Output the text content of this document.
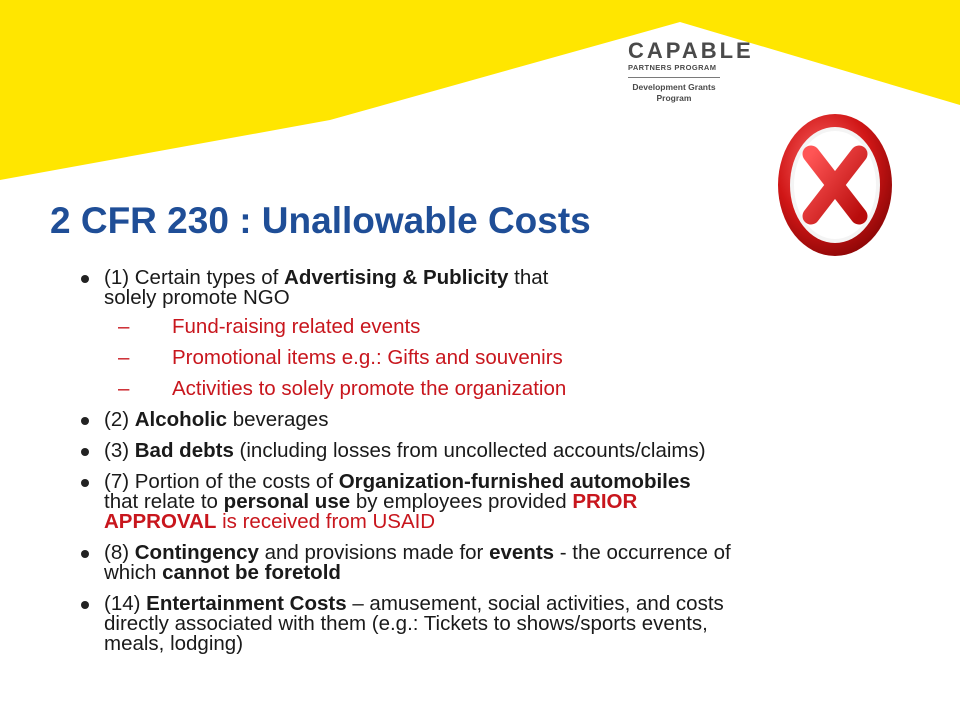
CAPABLE
PARTNERS PROGRAM
Development Grants
Program
2 CFR 230 : Unallowable Costs
(1) Certain types of Advertising & Publicity that
solely promote NGO
– Fund-raising related events
– Promotional items e.g.: Gifts and souvenirs
– Activities to solely promote the organization
(2) Alcoholic beverages
(3) Bad debts (including losses from uncollected accounts/claims)
(7) Portion of the costs of Organization-furnished automobiles
that relate to personal use by employees provided PRIOR
APPROVAL is received from USAID
(8) Contingency and provisions made for events - the occurrence of
which cannot be foretold
(14) Entertainment Costs – amusement, social activities, and costs
directly associated with them (e.g.: Tickets to shows/sports events,
meals, lodging)
